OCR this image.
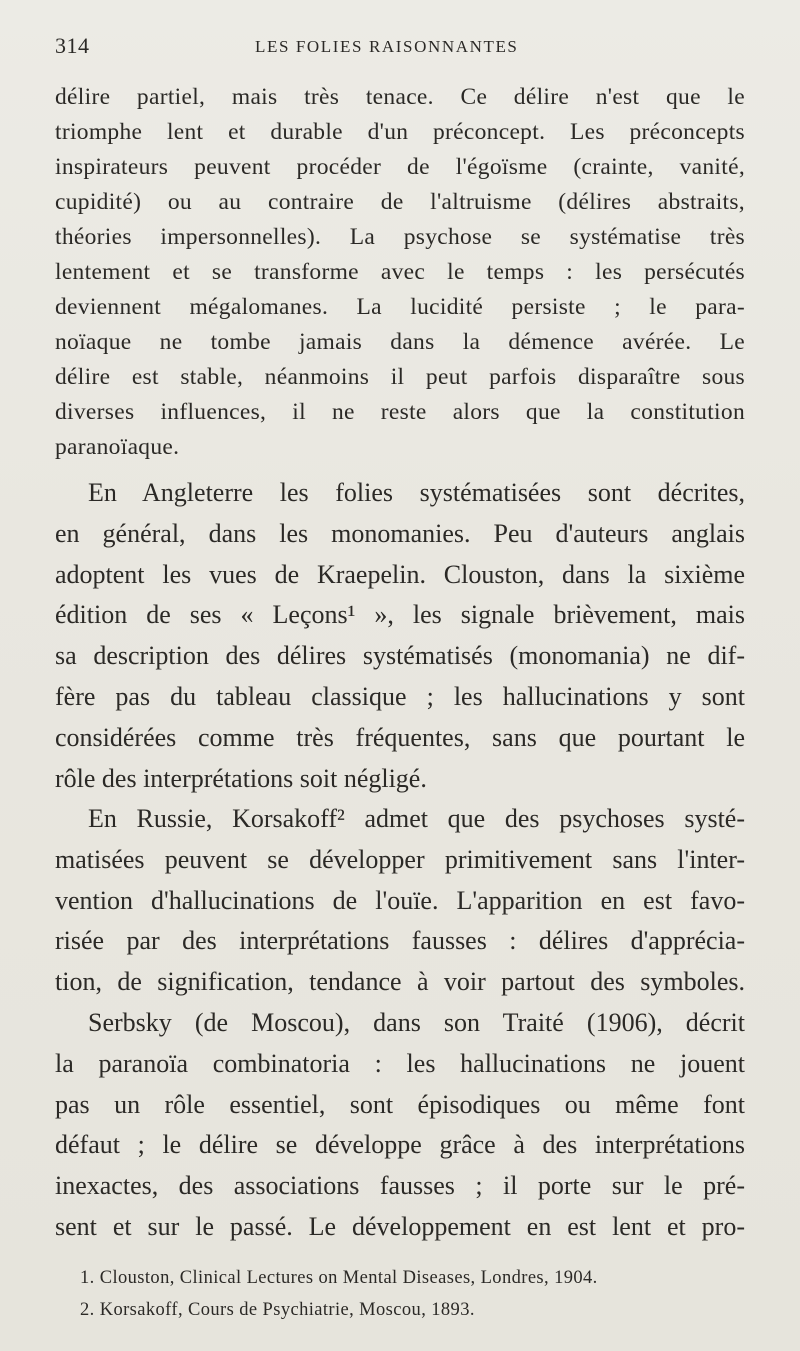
314	LES FOLIES RAISONNANTES
délire partiel, mais très tenace. Ce délire n'est que le
triomphe lent et durable d'un préconcept. Les préconcepts
inspirateurs peuvent procéder de l'égoïsme (crainte, vanité,
cupidité) ou au contraire de l'altruisme (délires abstraits,
théories impersonnelles). La psychose se systématise très
lentement et se transforme avec le temps : les persécutés
deviennent mégalomanes. La lucidité persiste ; le para-
noïaque ne tombe jamais dans la démence avérée. Le
délire est stable, néanmoins il peut parfois disparaître sous
diverses influences, il ne reste alors que la constitution
paranoïaque.
En Angleterre les folies systématisées sont décrites,
en général, dans les monomanies. Peu d'auteurs anglais
adoptent les vues de Kraepelin. Clouston, dans la sixième
édition de ses « Leçons¹ », les signale brièvement, mais
sa description des délires systématisés (monomania) ne dif-
fère pas du tableau classique ; les hallucinations y sont
considérées comme très fréquentes, sans que pourtant le
rôle des interprétations soit négligé.
En Russie, Korsakoff² admet que des psychoses systé-
matisées peuvent se développer primitivement sans l'inter-
vention d'hallucinations de l'ouïe. L'apparition en est favo-
risée par des interprétations fausses : délires d'apprécia-
tion, de signification, tendance à voir partout des symboles.
Serbsky (de Moscou), dans son Traité (1906), décrit
la paranoïa combinatoria : les hallucinations ne jouent
pas un rôle essentiel, sont épisodiques ou même font
défaut ; le délire se développe grâce à des interprétations
inexactes, des associations fausses ; il porte sur le pré-
sent et sur le passé. Le développement en est lent et pro-
1. Clouston, Clinical Lectures on Mental Diseases, Londres, 1904.
2. Korsakoff, Cours de Psychiatrie, Moscou, 1893.
